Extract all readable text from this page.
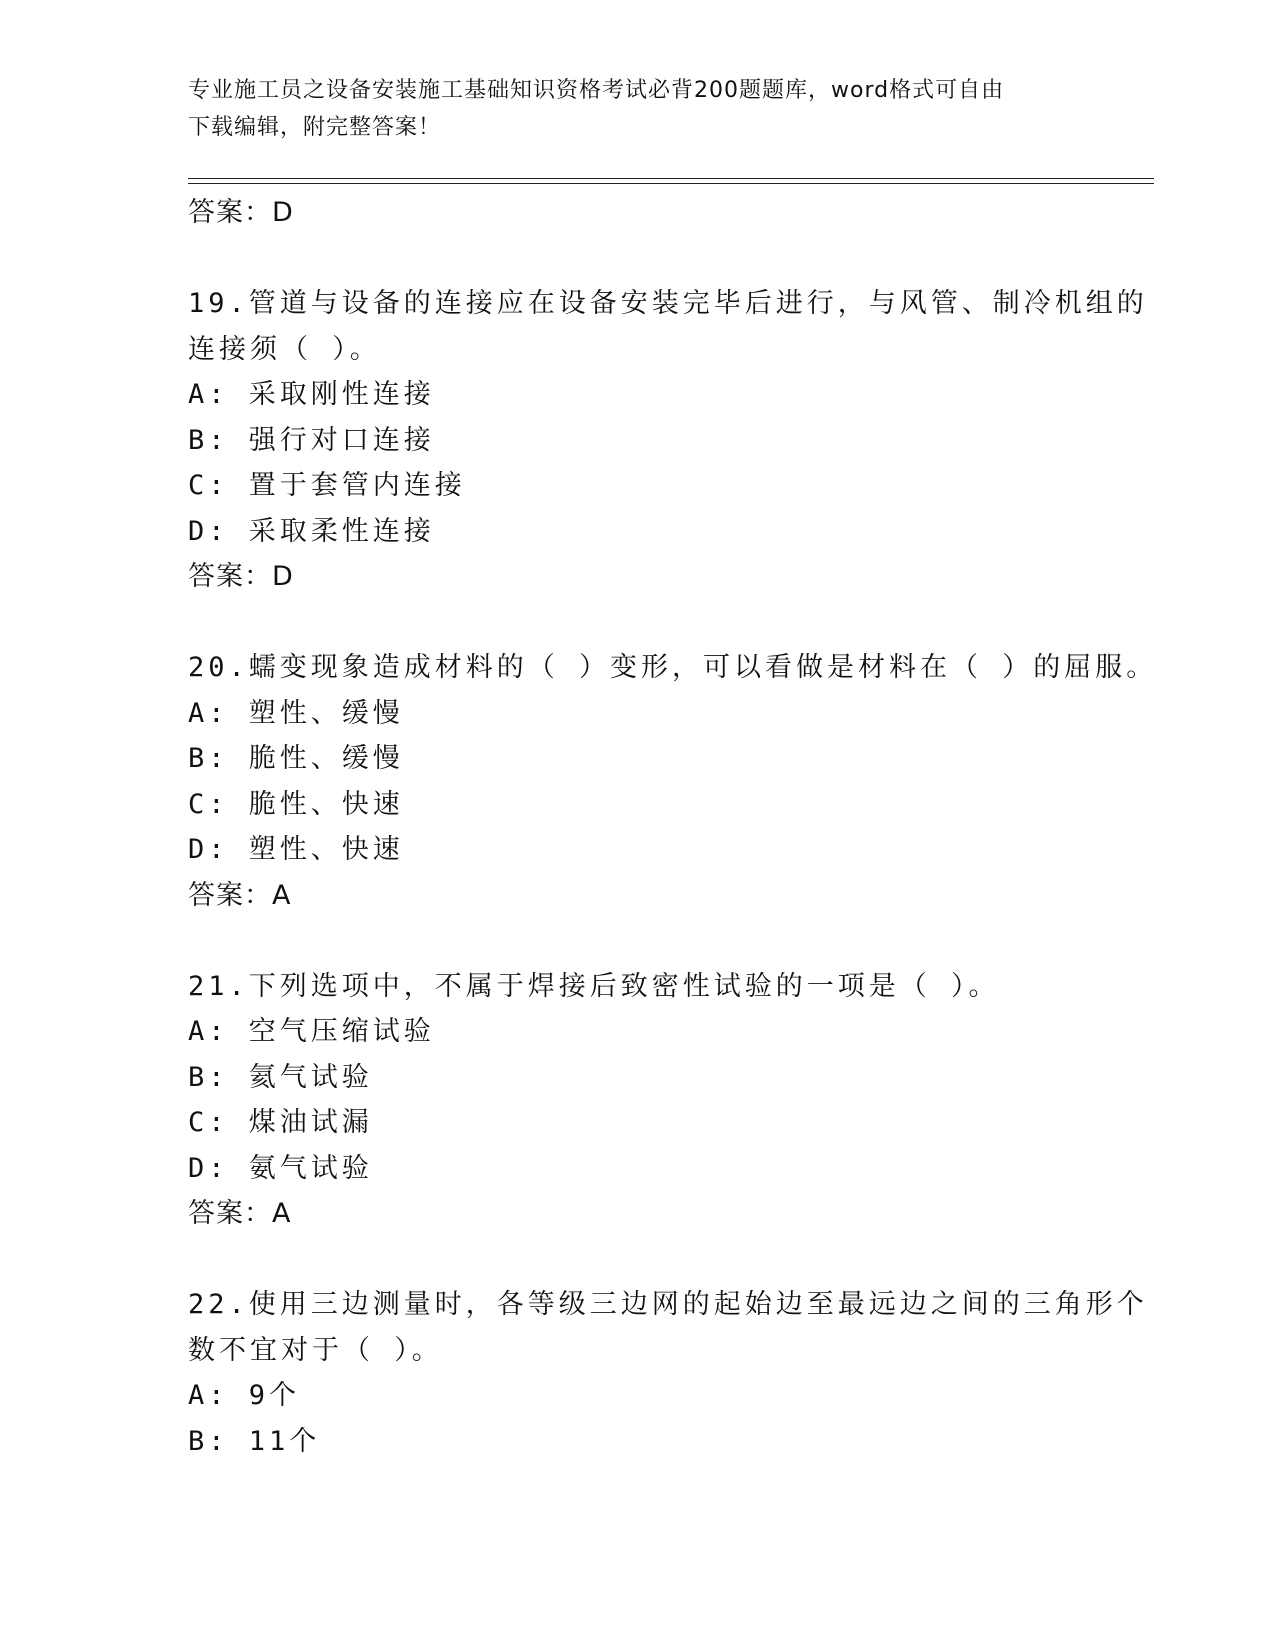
专业施工员之设备安装施工基础知识资格考试必背200题题库，word格式可自由
下载编辑，附完整答案！
答案：D
19.管道与设备的连接应在设备安装完毕后进行，与风管、制冷机组的
连接须（ ）。
A: 采取刚性连接
B: 强行对口连接
C: 置于套管内连接
D: 采取柔性连接
答案：D
20.蠕变现象造成材料的（ ）变形，可以看做是材料在（ ）的屈服。
A: 塑性、缓慢
B: 脆性、缓慢
C: 脆性、快速
D: 塑性、快速
答案：A
21.下列选项中，不属于焊接后致密性试验的一项是（ ）。
A: 空气压缩试验
B: 氦气试验
C: 煤油试漏
D: 氨气试验
答案：A
22.使用三边测量时，各等级三边网的起始边至最远边之间的三角形个
数不宜对于（ ）。
A: 9个
B: 11个
